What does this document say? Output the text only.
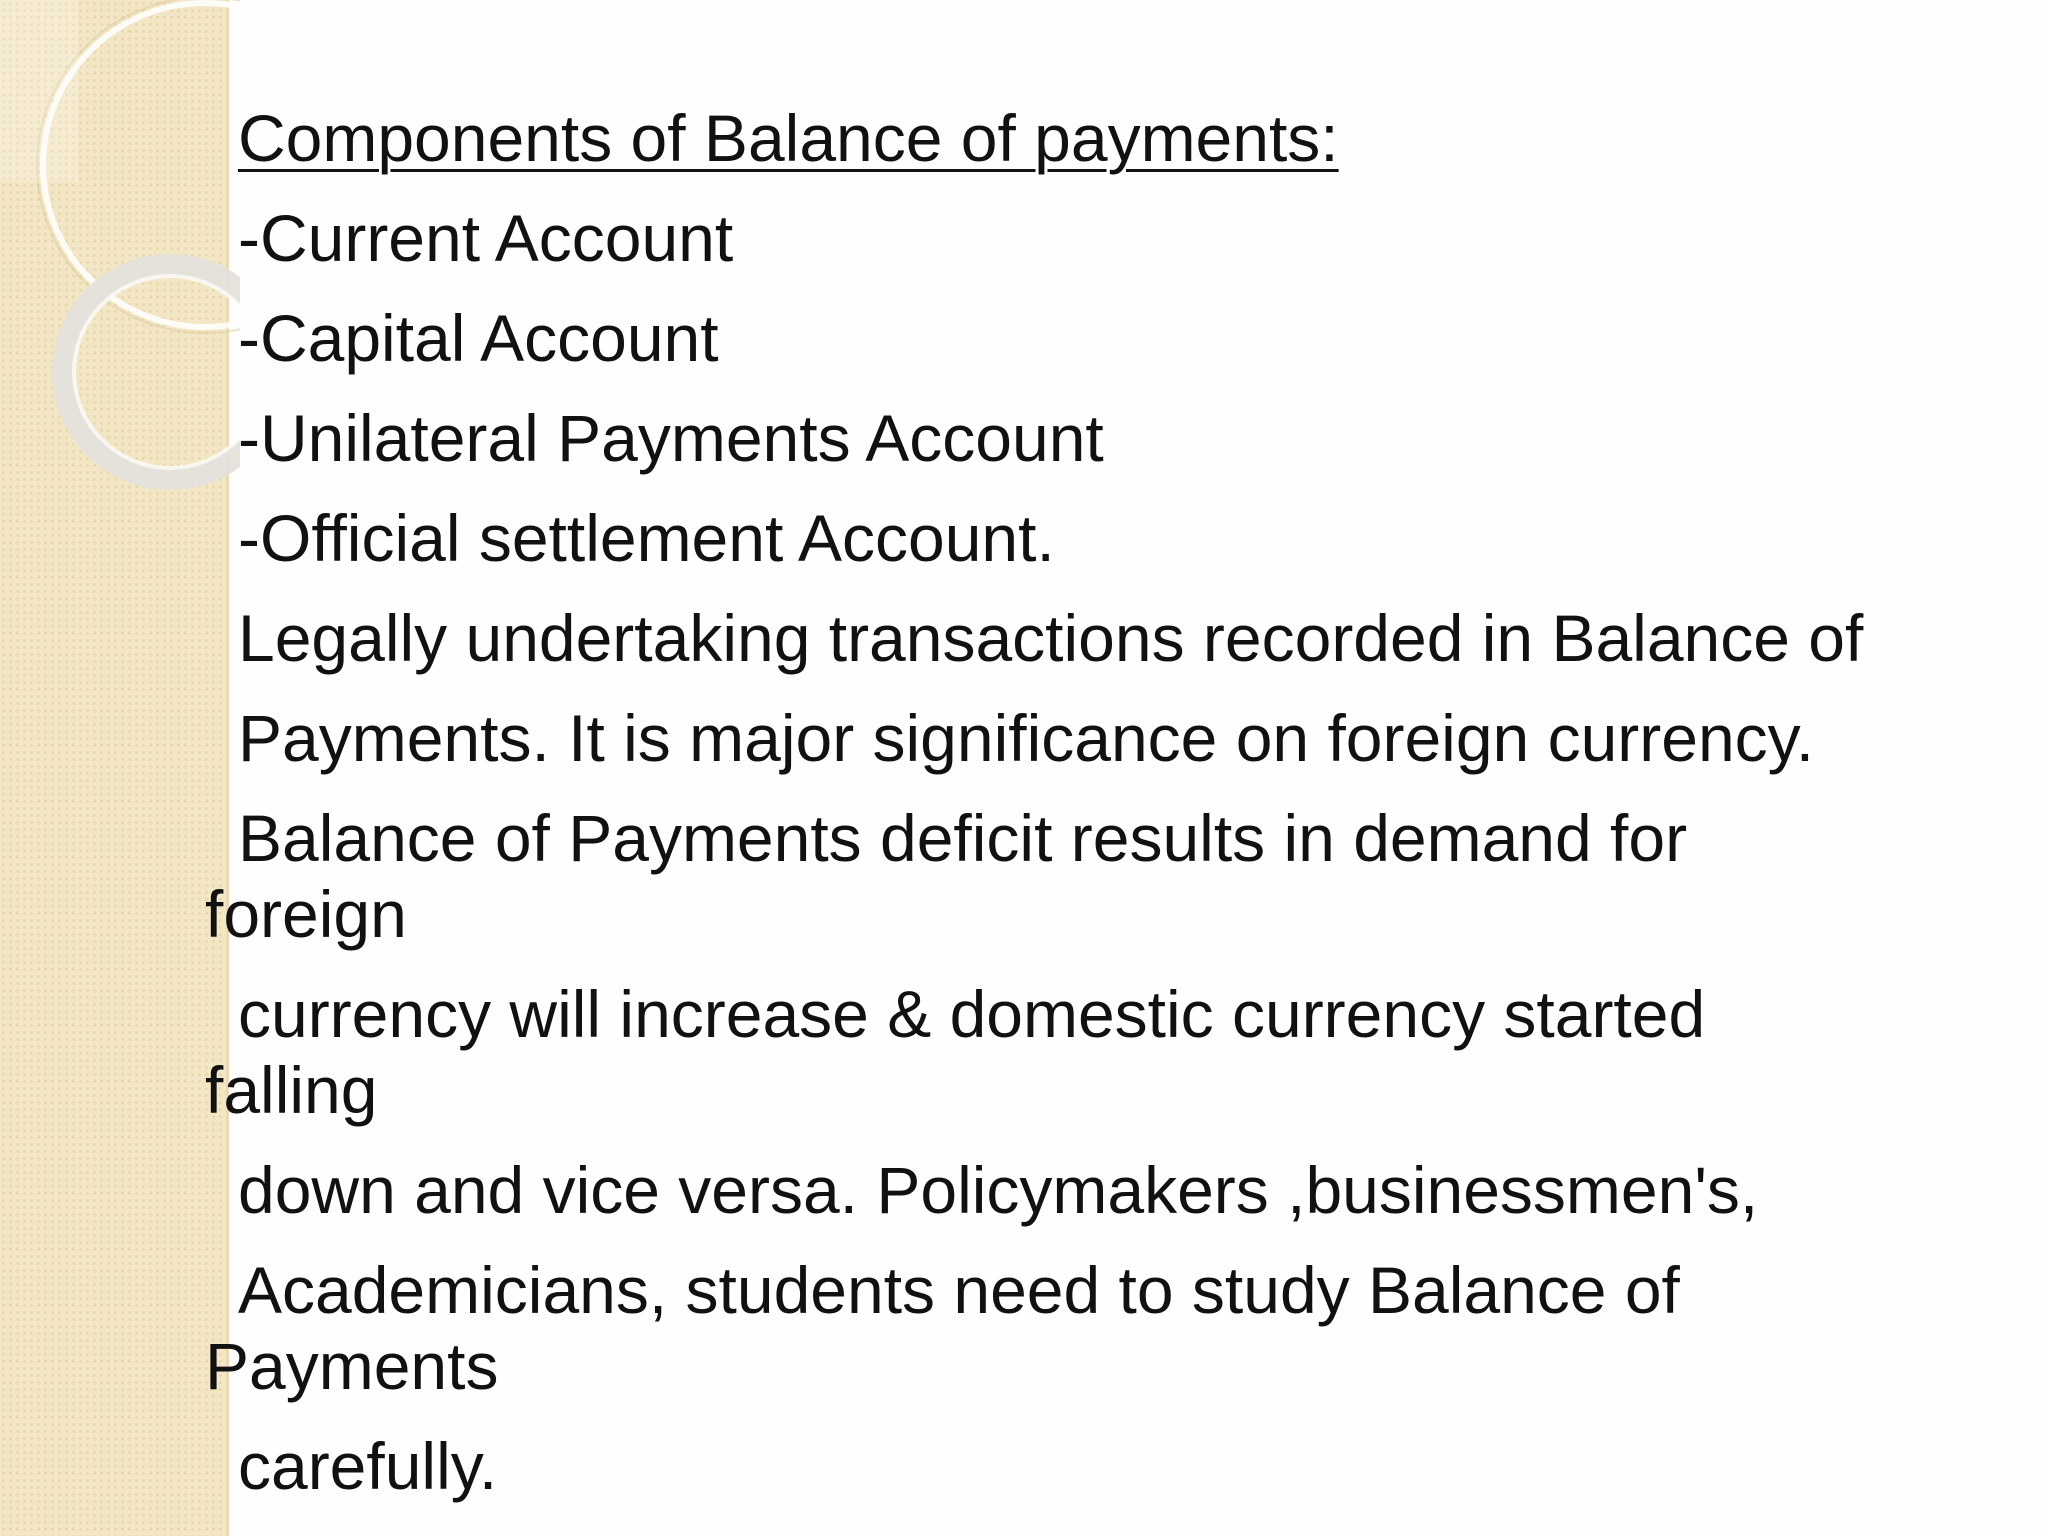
Components of Balance of payments:
-Current Account
-Capital Account
-Unilateral Payments Account
-Official settlement Account.
Legally undertaking transactions recorded in Balance of
Payments. It is major significance on foreign currency.
Balance of Payments deficit results in demand for
foreign
currency will increase & domestic currency started
falling
down and vice versa. Policymakers ,businessmen's,
Academicians, students need to study Balance of
Payments
carefully.
